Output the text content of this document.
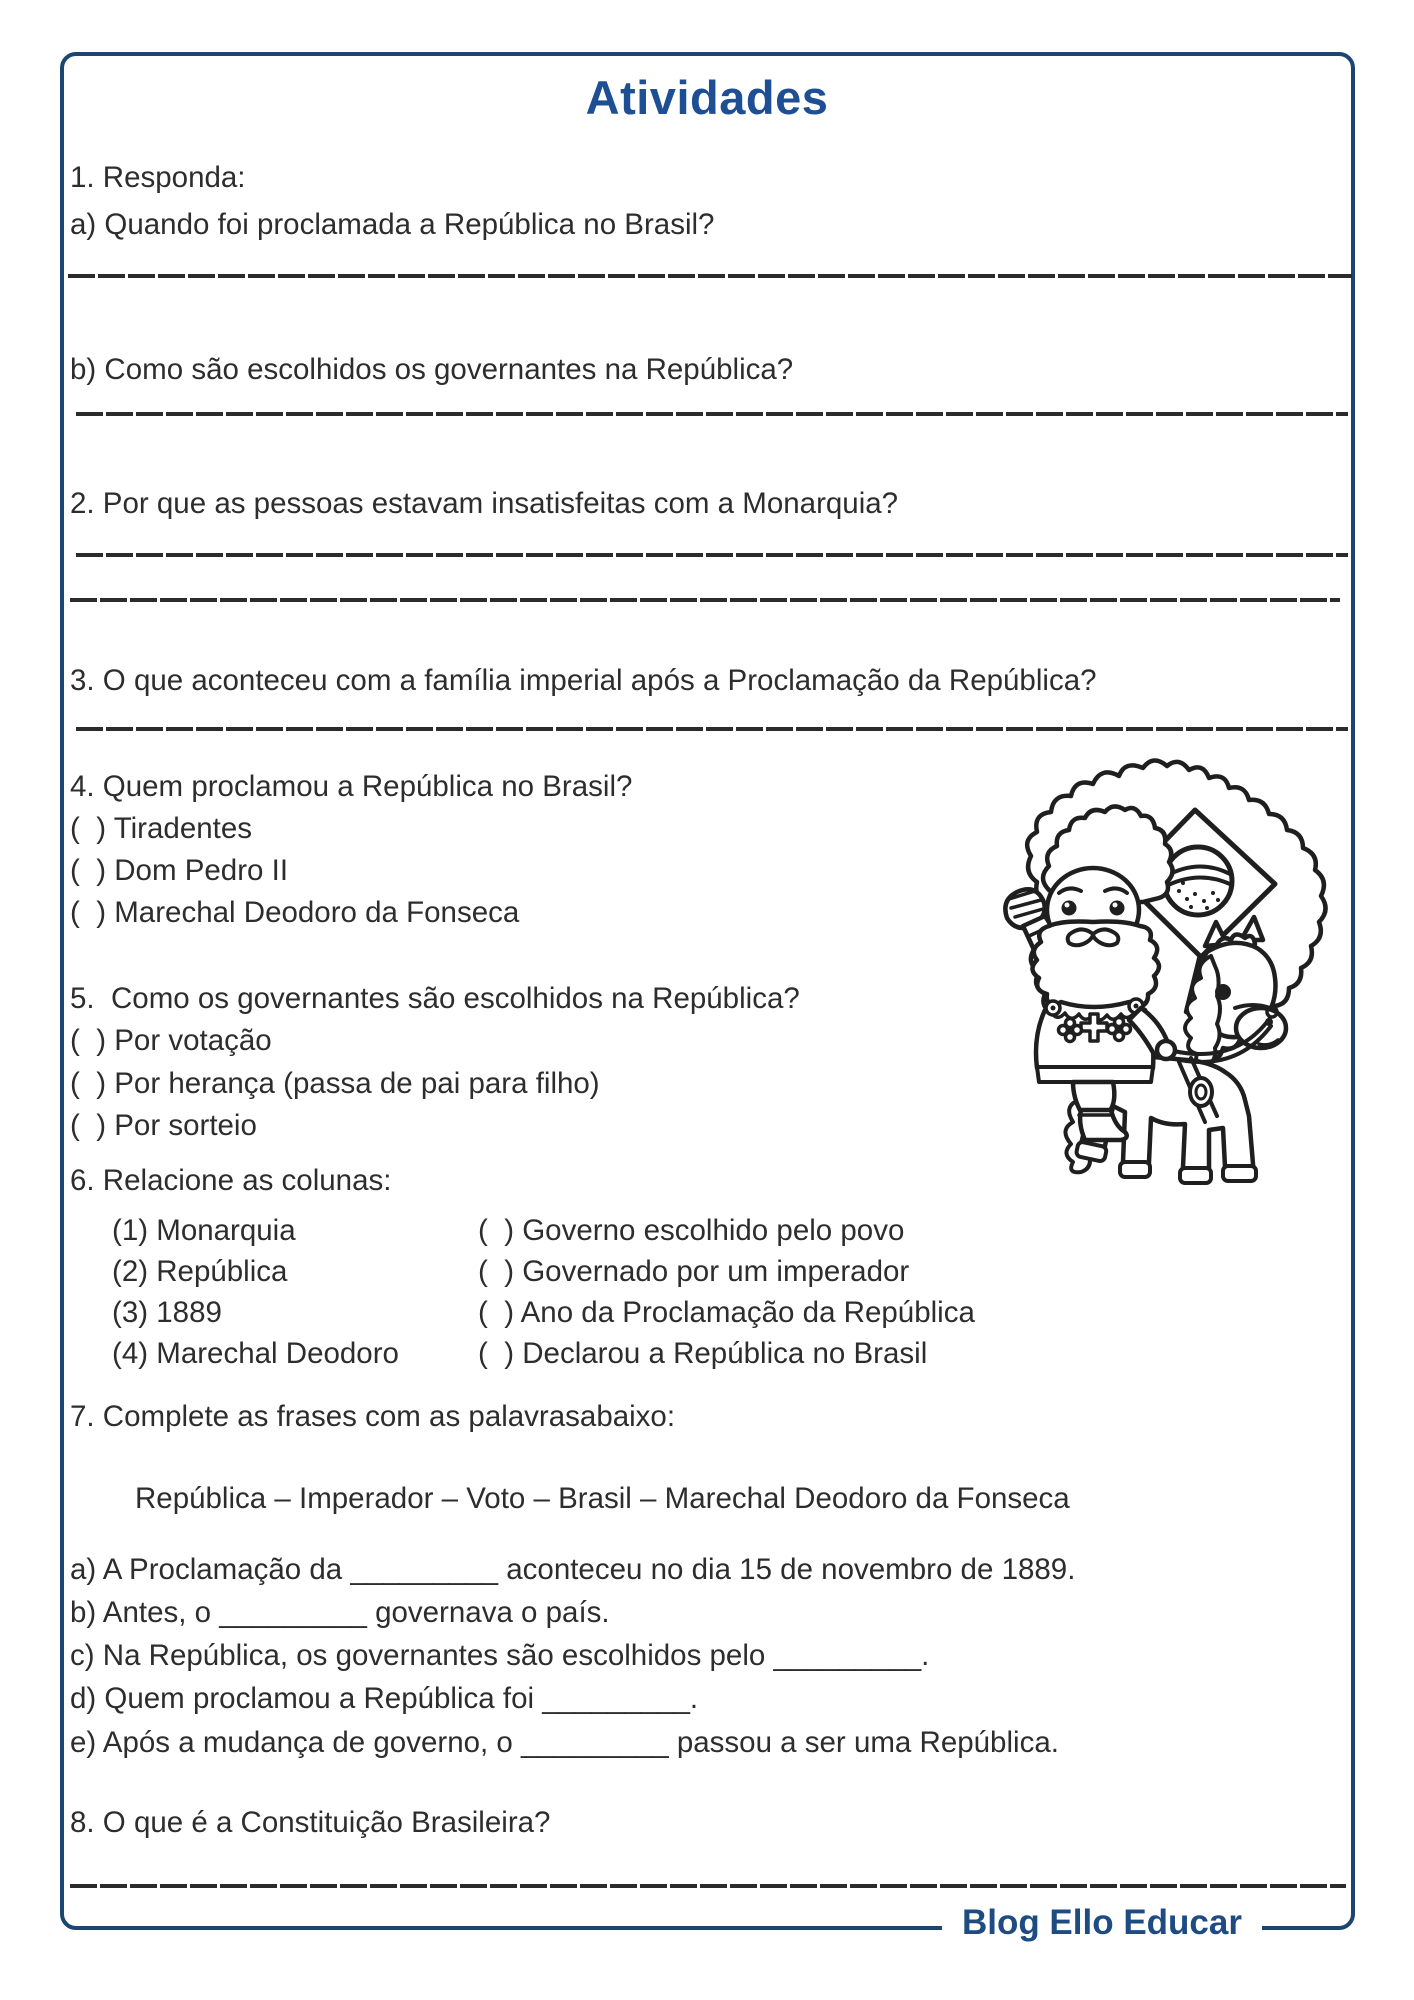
Atividades
1. Responda:
a) Quando foi proclamada a República no Brasil?
b) Como são escolhidos os governantes na República?
2. Por que as pessoas estavam insatisfeitas com a Monarquia?
3. O que aconteceu com a família imperial após a Proclamação da República?
4. Quem proclamou a República no Brasil?
(  ) Tiradentes
(  ) Dom Pedro II
(  ) Marechal Deodoro da Fonseca
5.  Como os governantes são escolhidos na República?
(  ) Por votação
(  ) Por herança (passa de pai para filho)
(  ) Por sorteio
6. Relacione as colunas:
(1) Monarquia
(2) República
(3) 1889
(4) Marechal Deodoro
(  ) Governo escolhido pelo povo
(  ) Governado por um imperador
(  ) Ano da Proclamação da República
(  ) Declarou a República no Brasil
7. Complete as frases com as palavrasabaixo:
República – Imperador – Voto – Brasil – Marechal Deodoro da Fonseca
a) A Proclamação da _________ aconteceu no dia 15 de novembro de 1889.
b) Antes, o _________ governava o país.
c) Na República, os governantes são escolhidos pelo _________.
d) Quem proclamou a República foi _________.
e) Após a mudança de governo, o _________ passou a ser uma República.
8. O que é a Constituição Brasileira?
Blog Ello Educar
